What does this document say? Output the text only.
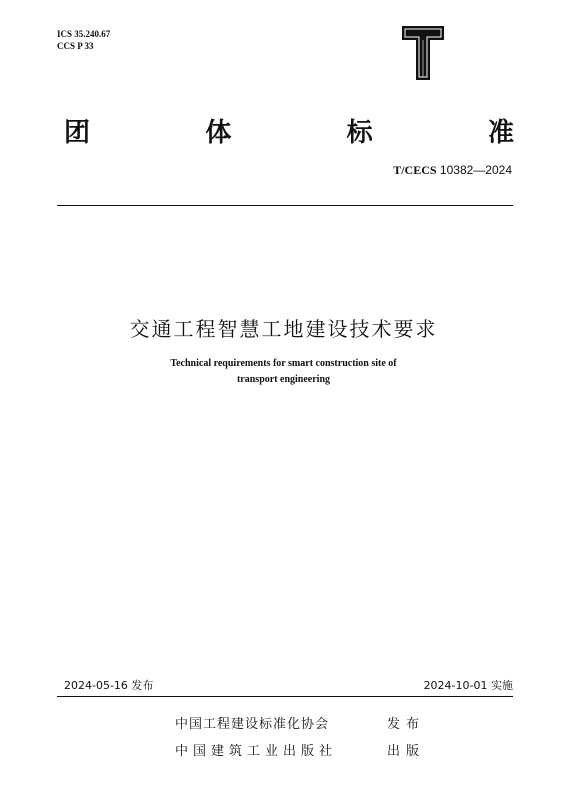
ICS 35.240.67
CCS P 33
团	体	标	准
T/CECS 10382—2024
交通工程智慧工地建设技术要求
Technical requirements for smart construction site of
transport engineering
2024-05-16 发布	2024-10-01 实施
中国工程建设标准化协会	发布
中国建筑工业出版社	出版
